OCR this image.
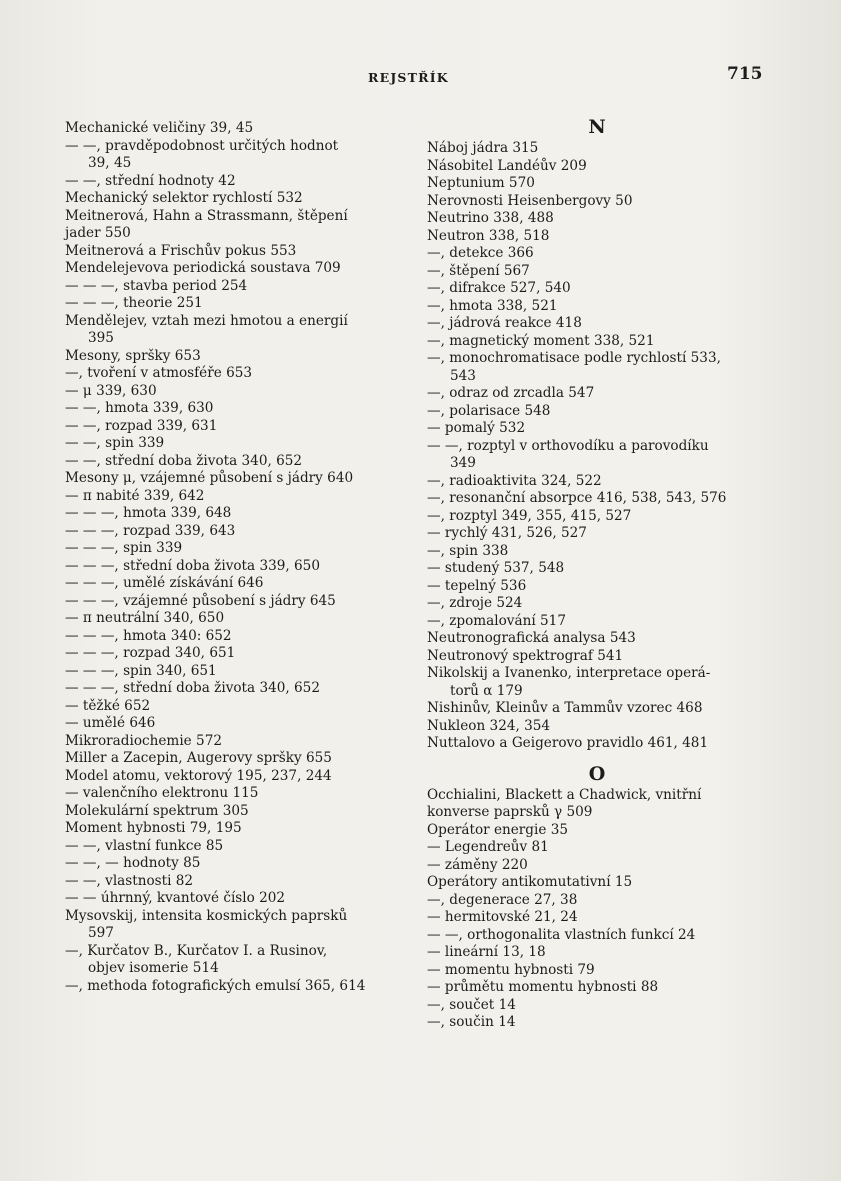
REJSTŘÍK	715
Mechanické veličiny 39, 45
— —, pravděpodobnost určitých hodnot
39, 45
— —, střední hodnoty 42
Mechanický selektor rychlostí 532
Meitnerová, Hahn a Strassmann, štěpení
jader 550
Meitnerová a Frischův pokus 553
Mendelejevova periodická soustava 709
— — —, stavba period 254
— — —, theorie 251
Mendělejev, vztah mezi hmotou a energií
395
Mesony, spršky 653
—, tvoření v atmosféře 653
— μ 339, 630
— —, hmota 339, 630
— —, rozpad 339, 631
— —, spin 339
— —, střední doba života 340, 652
Mesony μ, vzájemné působení s jádry 640
— π nabité 339, 642
— — —, hmota 339, 648
— — —, rozpad 339, 643
— — —, spin 339
— — —, střední doba života 339, 650
— — —, umělé získávání 646
— — —, vzájemné působení s jádry 645
— π neutrální 340, 650
— — —, hmota 340: 652
— — —, rozpad 340, 651
— — —, spin 340, 651
— — —, střední doba života 340, 652
— těžké 652
— umělé 646
Mikroradiochemie 572
Miller a Zacepin, Augerovy spršky 655
Model atomu, vektorový 195, 237, 244
— valenčního elektronu 115
Molekulární spektrum 305
Moment hybnosti 79, 195
— —, vlastní funkce 85
— —, — hodnoty 85
— —, vlastnosti 82
— — úhrnný, kvantové číslo 202
Mysovskij, intensita kosmických paprsků
597
—, Kurčatov B., Kurčatov I. a Rusinov,
objev isomerie 514
—, methoda fotografických emulsí 365, 614
N
Náboj jádra 315
Násobitel Landéův 209
Neptunium 570
Nerovnosti Heisenbergovy 50
Neutrino 338, 488
Neutron 338, 518
—, detekce 366
—, štěpení 567
—, difrakce 527, 540
—, hmota 338, 521
—, jádrová reakce 418
—, magnetický moment 338, 521
—, monochromatisace podle rychlostí 533,
543
—, odraz od zrcadla 547
—, polarisace 548
— pomalý 532
— —, rozptyl v orthovodíku a parovodíku
349
—, radioaktivita 324, 522
—, resonanční absorpce 416, 538, 543, 576
—, rozptyl 349, 355, 415, 527
— rychlý 431, 526, 527
—, spin 338
— studený 537, 548
— tepelný 536
—, zdroje 524
—, zpomalování 517
Neutronografická analysa 543
Neutronový spektrograf 541
Nikolskij a Ivanenko, interpretace operá-
torů α 179
Nishinův, Kleinův a Tammův vzorec 468
Nukleon 324, 354
Nuttalovo a Geigerovo pravidlo 461, 481
O
Occhialini, Blackett a Chadwick, vnitřní
konverse paprsků γ 509
Operátor energie 35
— Legendreův 81
— záměny 220
Operátory antikomutativní 15
—, degenerace 27, 38
— hermitovské 21, 24
— —, orthogonalita vlastních funkcí 24
— lineární 13, 18
— momentu hybnosti 79
— průmětu momentu hybnosti 88
—, součet 14
—, součin 14
